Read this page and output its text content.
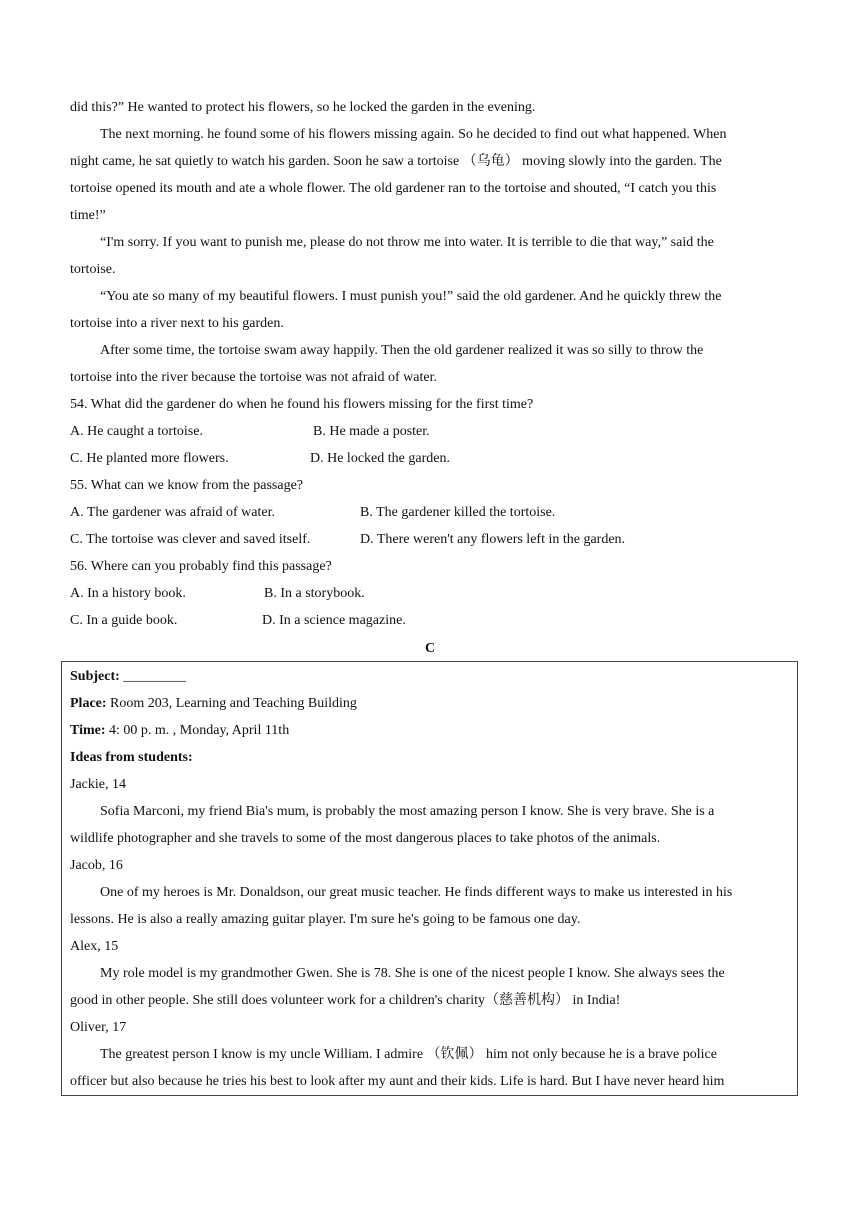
did this?” He wanted to protect his flowers, so he locked the garden in the evening.
The next morning. he found some of his flowers missing again. So he decided to find out what happened. When
night came, he sat quietly to watch his garden. Soon he saw a tortoise （乌龟） moving slowly into the garden. The
tortoise opened its mouth and ate a whole flower. The old gardener ran to the tortoise and shouted, “I catch you this
time!”
“I'm sorry. If you want to punish me, please do not throw me into water. It is terrible to die that way,” said the
tortoise.
“You ate so many of my beautiful flowers. I must punish you!” said the old gardener. And he quickly threw the
tortoise into a river next to his garden.
After some time, the tortoise swam away happily. Then the old gardener realized it was so silly to throw the
tortoise into the river because the tortoise was not afraid of water.
54. What did the gardener do when he found his flowers missing for the first time?
A. He caught a tortoise.	B. He made a poster.
C. He planted more flowers.	D. He locked the garden.
55. What can we know from the passage?
A. The gardener was afraid of water.	B. The gardener killed the tortoise.
C. The tortoise was clever and saved itself.	D. There weren't any flowers left in the garden.
56. Where can you probably find this passage?
A. In a history book.	B. In a storybook.
C. In a guide book.	D. In a science magazine.
C
Subject: _________
Place: Room 203, Learning and Teaching Building
Time: 4: 00 p. m. , Monday, April 11th
Ideas from students:
Jackie, 14
Sofia Marconi, my friend Bia's mum, is probably the most amazing person I know. She is very brave. She is a
wildlife photographer and she travels to some of the most dangerous places to take photos of the animals.
Jacob, 16
One of my heroes is Mr. Donaldson, our great music teacher. He finds different ways to make us interested in his
lessons. He is also a really amazing guitar player. I'm sure he's going to be famous one day.
Alex, 15
My role model is my grandmother Gwen. She is 78. She is one of the nicest people I know. She always sees the
good in other people. She still does volunteer work for a children's charity（慈善机构） in India!
Oliver, 17
The greatest person I know is my uncle William. I admire （钦佩） him not only because he is a brave police
officer but also because he tries his best to look after my aunt and their kids. Life is hard. But I have never heard him
